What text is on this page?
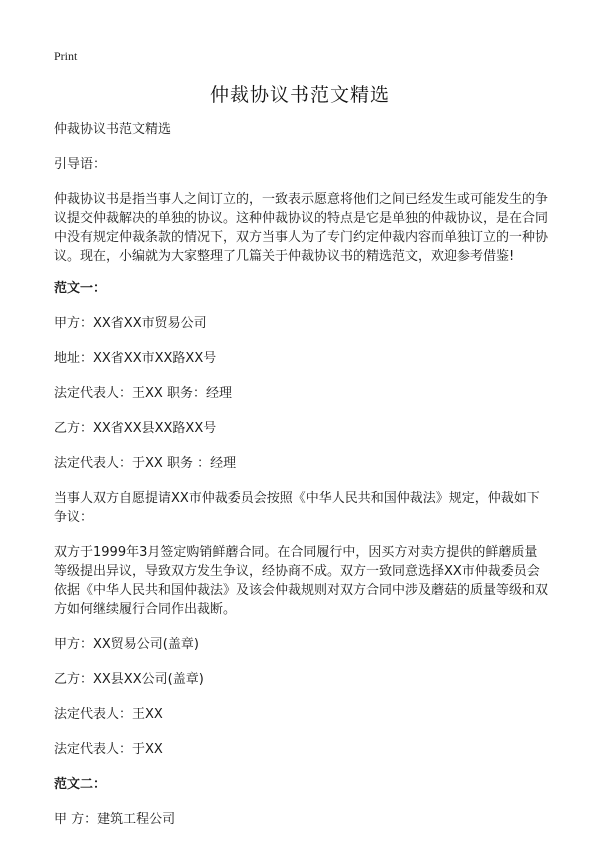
Print
仲裁协议书范文精选

仲裁协议书范文精选

引导语：

仲裁协议书是指当事人之间订立的，一致表示愿意将他们之间已经发生或可能发生的争议提交仲裁解决的单独的协议。这种仲裁协议的特点是它是单独的仲裁协议，是在合同中没有规定仲裁条款的情况下，双方当事人为了专门约定仲裁内容而单独订立的一种协议。现在，小编就为大家整理了几篇关于仲裁协议书的精选范文，欢迎参考借鉴!

范文一：

甲方：XX省XX市贸易公司

地址：XX省XX市XX路XX号

法定代表人：王XX 职务：经理

乙方：XX省XX县XX路XX号

法定代表人：于XX 职务 ：经理

当事人双方自愿提请XX市仲裁委员会按照《中华人民共和国仲裁法》规定，仲裁如下争议：

双方于1999年3月签定购销鲜蘑合同。在合同履行中，因买方对卖方提供的鲜蘑质量等级提出异议，导致双方发生争议，经协商不成。双方一致同意选择XX市仲裁委员会依据《中华人民共和国仲裁法》及该会仲裁规则对双方合同中涉及蘑菇的质量等级和双方如何继续履行合同作出裁断。

甲方：XX贸易公司(盖章)

乙方：XX县XX公司(盖章)

法定代表人：王XX

法定代表人：于XX

范文二：

甲 方：建筑工程公司
